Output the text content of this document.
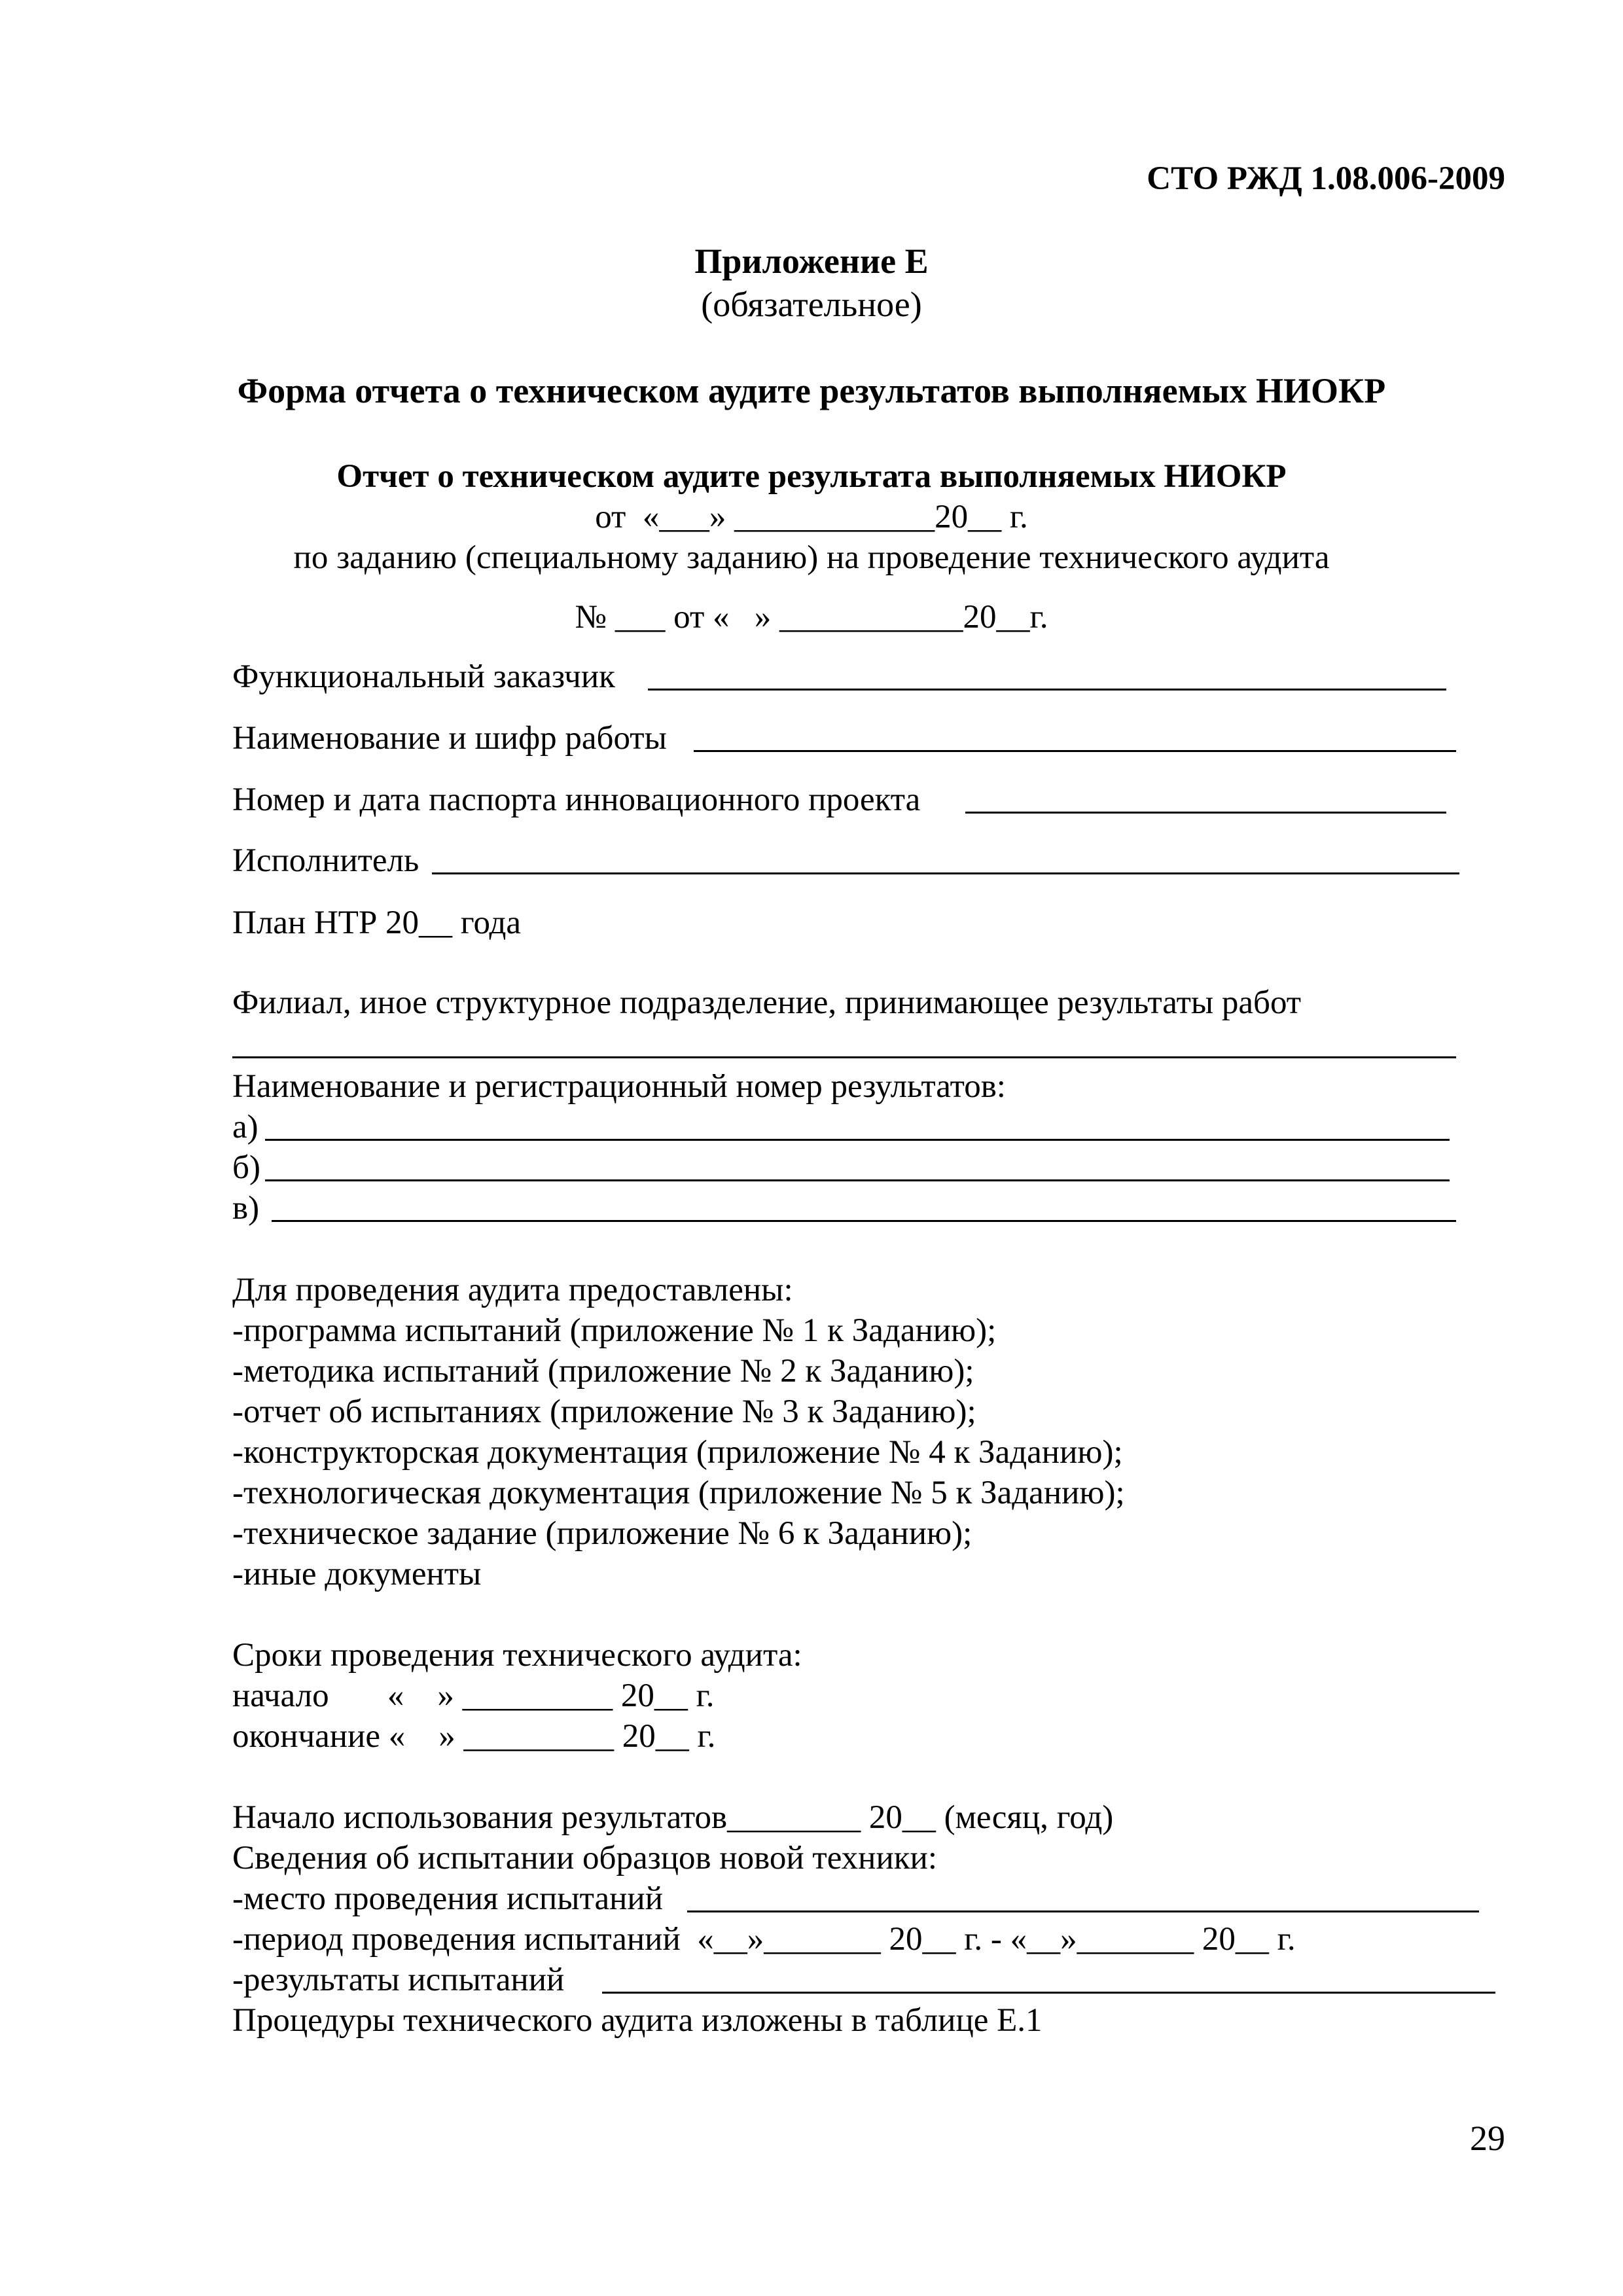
СТО РЖД 1.08.006-2009
Приложение Е
(обязательное)
Форма отчета о техническом аудите результатов выполняемых НИОКР
Отчет о техническом аудите результата выполняемых НИОКР
от  «___» ____________20__ г.
по заданию (специальному заданию) на проведение технического аудита
№ ___ от «   » ___________20__г.
Функциональный заказчик
Наименование и шифр работы
Номер и дата паспорта инновационного проекта
Исполнитель
План НТР 20__ года
Филиал, иное структурное подразделение, принимающее результаты работ
Наименование и регистрационный номер результатов:
а)
б)
в)
Для проведения аудита предоставлены:
-программа испытаний (приложение № 1 к Заданию);
-методика испытаний (приложение № 2 к Заданию);
-отчет об испытаниях (приложение № 3 к Заданию);
-конструкторская документация (приложение № 4 к Заданию);
-технологическая документация (приложение № 5 к Заданию);
-техническое задание (приложение № 6 к Заданию);
-иные документы
Сроки проведения технического аудита:
начало       «    » _________ 20__ г.
окончание «    » _________ 20__ г.
Начало использования результатов________ 20__ (месяц, год)
Сведения об испытании образцов новой техники:
-место проведения испытаний
-период проведения испытаний  «__»_______ 20__ г. - «__»_______ 20__ г.
-результаты испытаний
Процедуры технического аудита изложены в таблице Е.1
29
